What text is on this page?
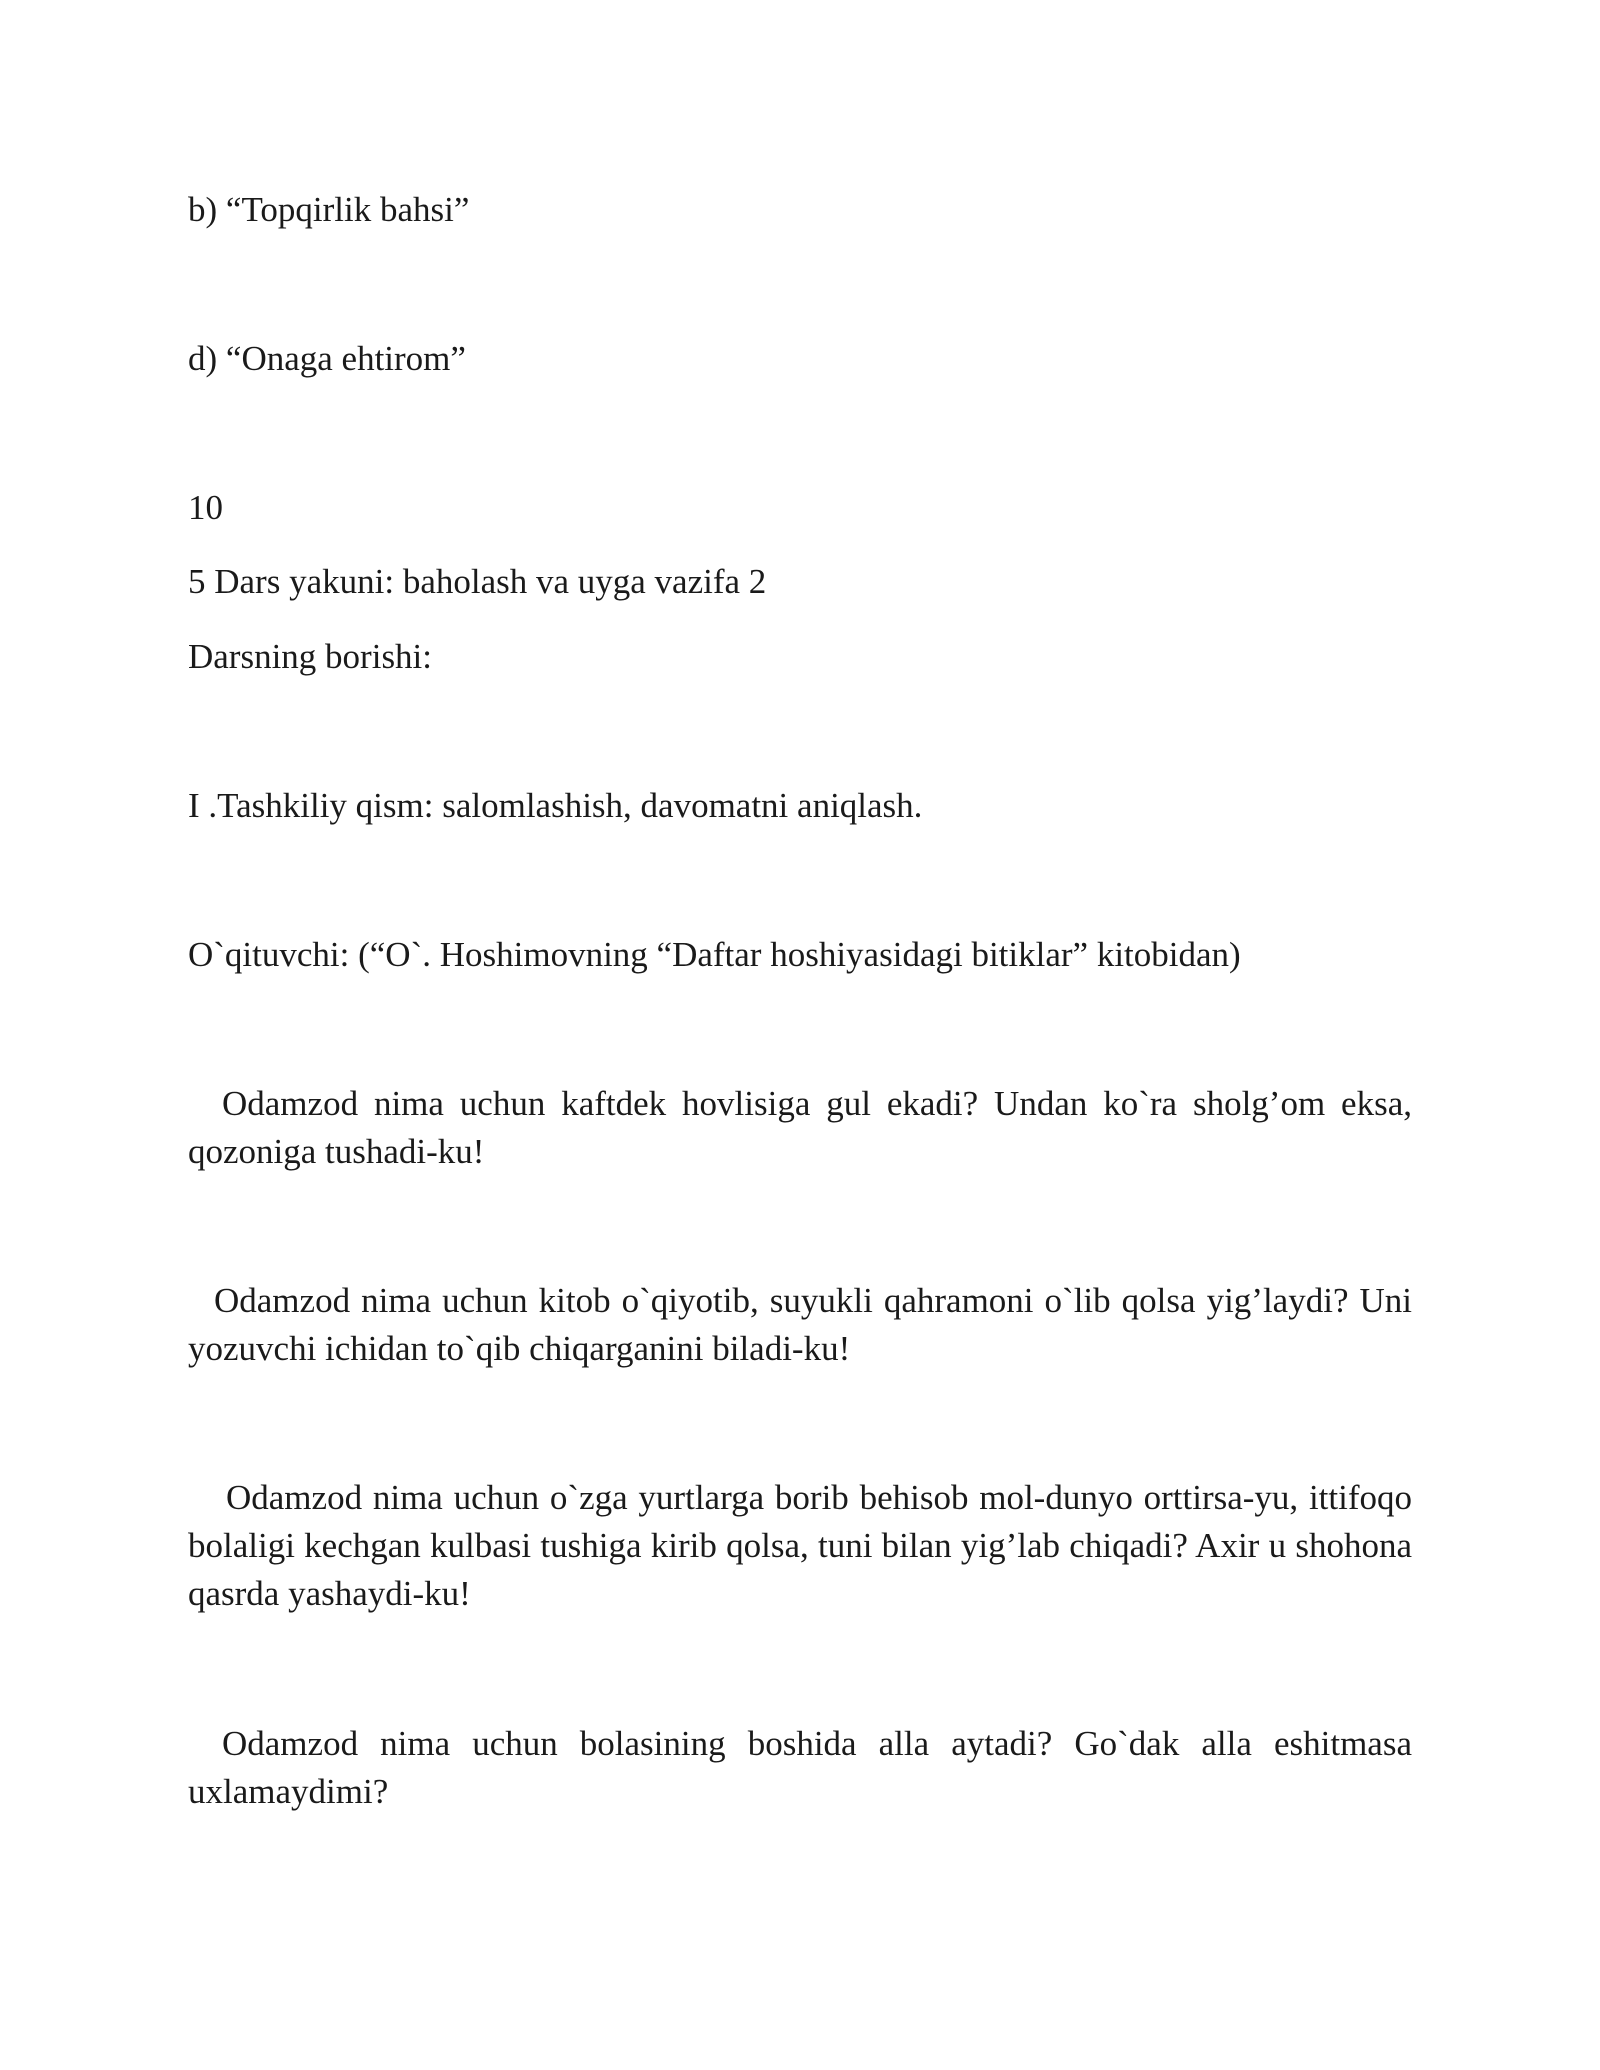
b) “Topqirlik bahsi”
d) “Onaga ehtirom”
10
5 Dars yakuni: baholash va uyga vazifa 2
Darsning borishi:
I .Tashkiliy qism: salomlashish, davomatni aniqlash.
O`qituvchi: (“O`. Hoshimovning “Daftar hoshiyasidagi bitiklar” kitobidan)
Odamzod nima uchun kaftdek hovlisiga gul ekadi? Undan ko`ra sholg’om eksa, qozoniga tushadi-ku!
Odamzod nima uchun kitob o`qiyotib, suyukli qahramoni o`lib qolsa yig’laydi? Uni yozuvchi ichidan to`qib chiqarganini biladi-ku!
Odamzod nima uchun o`zga yurtlarga borib behisob mol-dunyo orttirsa-yu, ittifoqo bolaligi kechgan kulbasi tushiga kirib qolsa, tuni bilan yig’lab chiqadi? Axir u shohona qasrda yashaydi-ku!
Odamzod nima uchun bolasining boshida alla aytadi? Go`dak alla eshitmasa uxlamaydimi?
